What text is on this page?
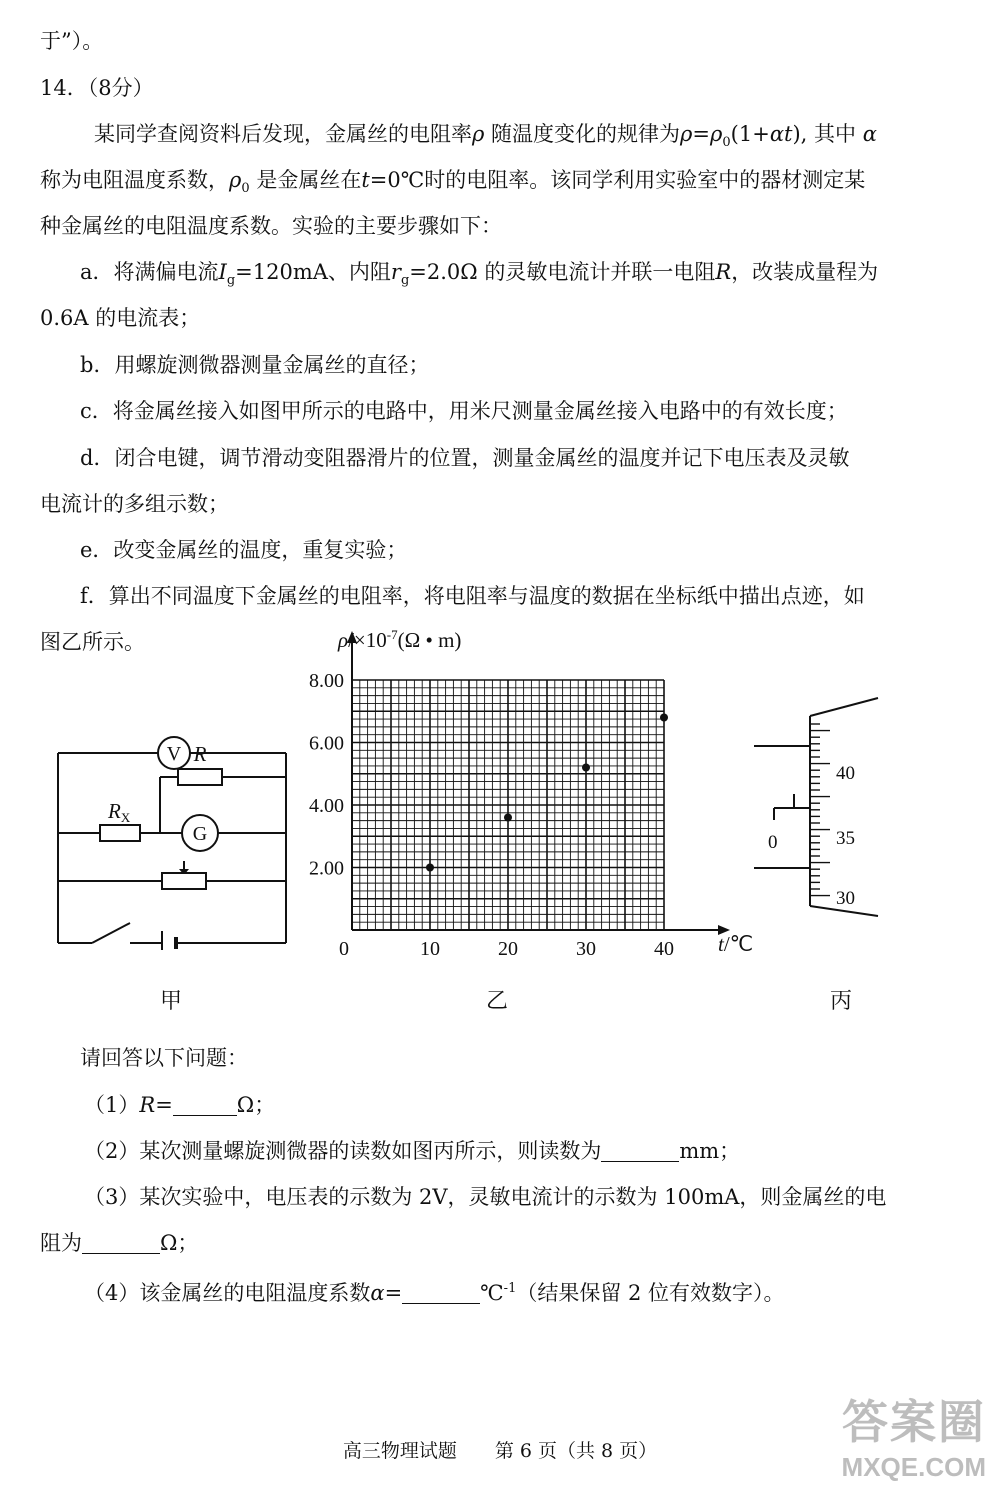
于”）。
14．（8分）
某同学查阅资料后发现，金属丝的电阻率ρ 随温度变化的规律为$\rho=\rho_0(1+\alpha t)$, 其中 α
称为电阻温度系数，$\rho_0$ 是金属丝在t=0℃时的电阻率。该同学利用实验室中的器材测定某
种金属丝的电阻温度系数。实验的主要步骤如下：
a．将满偏电流$I_g=120mA$、内阻$r_g=2.0\Omega$ 的灵敏电流计并联一电阻R，改装成量程为
0.6A 的电流表；
b．用螺旋测微器测量金属丝的直径；
c．将金属丝接入如图甲所示的电路中，用米尺测量金属丝接入电路中的有效长度；
d．闭合电键，调节滑动变阻器滑片的位置，测量金属丝的温度并记下电压表及灵敏
电流计的多组示数；
e．改变金属丝的温度，重复实验；
f．算出不同温度下金属丝的电阻率，将电阻率与温度的数据在坐标纸中描出点迹，如
图乙所示。
V R
RX
G
甲
8.00
6.00
4.00
2.00
0	10	20	30	40
$\rho/\times 10^{-7}(\Omega$ • m)
t/℃
乙
40
35
30
0
丙
请回答以下问题：
（1）R=	Ω；
（2）某次测量螺旋测微器的读数如图丙所示，则读数为	mm；
（3）某次实验中，电压表的示数为 2V，灵敏电流计的示数为 100mA，则金属丝的电
阻为	Ω；
（4）该金属丝的电阻温度系数α=	℃$^{-1}$（结果保留 2 位有效数字）。
高三物理试题　　第 6 页（共 8 页）
答案圈
MXQE.COM
